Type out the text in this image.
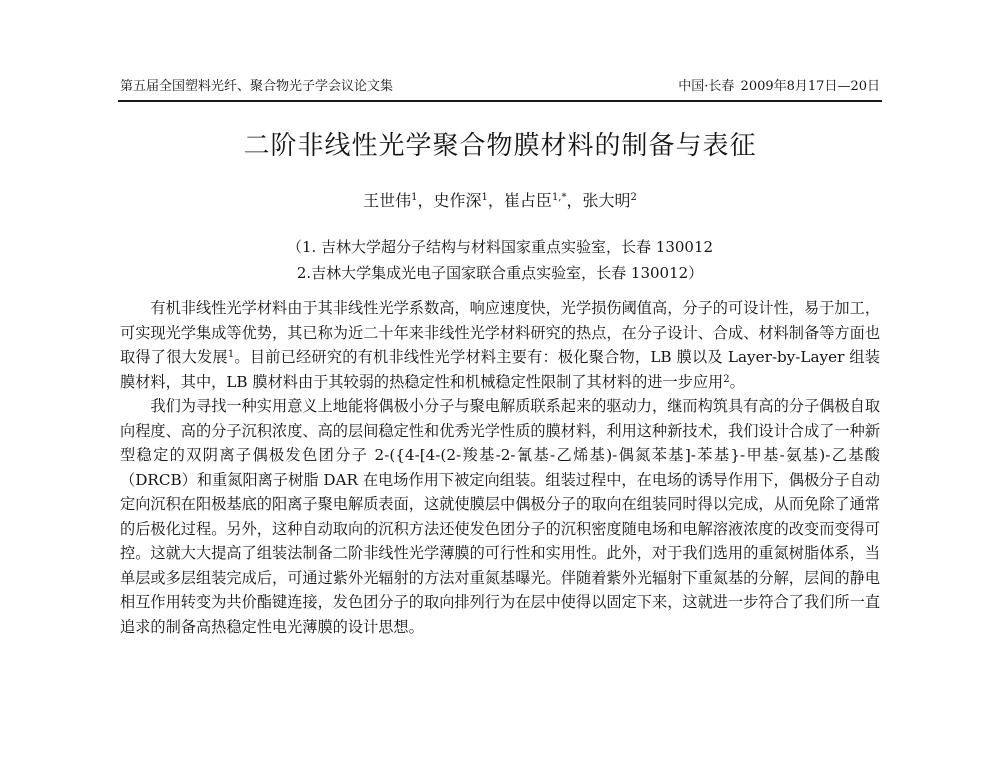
第五届全国塑料光纤、聚合物光子学会议论文集	中国·长春 2009年8月17日—20日
二阶非线性光学聚合物膜材料的制备与表征
王世伟$^1$，史作深$^1$，崔占臣$^{1,*}$，张大明$^2$
（1. 吉林大学超分子结构与材料国家重点实验室，长春 130012
2.吉林大学集成光电子国家联合重点实验室，长春 130012）

有机非线性光学材料由于其非线性光学系数高，响应速度快，光学损伤阈值高，分子的可设计性，易于加工，可实现光学集成等优势，其已称为近二十年来非线性光学材料研究的热点，在分子设计、合成、材料制备等方面也取得了很大发展$^1$。目前已经研究的有机非线性光学材料主要有：极化聚合物，LB 膜以及 Layer-by-Layer 组装膜材料，其中，LB 膜材料由于其较弱的热稳定性和机械稳定性限制了其材料的进一步应用$^2$。

我们为寻找一种实用意义上地能将偶极小分子与聚电解质联系起来的驱动力，继而构筑具有高的分子偶极自取向程度、高的分子沉积浓度、高的层间稳定性和优秀光学性质的膜材料，利用这种新技术，我们设计合成了一种新型稳定的双阴离子偶极发色团分子 2-({4-[4-(2-羧基-2-氰基-乙烯基)-偶氮苯基]-苯基}-甲基-氨基)-乙基酸（DRCB）和重氮阳离子树脂 DAR 在电场作用下被定向组装。组装过程中，在电场的诱导作用下，偶极分子自动定向沉积在阳极基底的阳离子聚电解质表面，这就使膜层中偶极分子的取向在组装同时得以完成，从而免除了通常的后极化过程。另外，这种自动取向的沉积方法还使发色团分子的沉积密度随电场和电解溶液浓度的改变而变得可控。这就大大提高了组装法制备二阶非线性光学薄膜的可行性和实用性。此外，对于我们选用的重氮树脂体系，当单层或多层组装完成后，可通过紫外光辐射的方法对重氮基曝光。伴随着紫外光辐射下重氮基的分解，层间的静电相互作用转变为共价酯键连接，发色团分子的取向排列行为在层中使得以固定下来，这就进一步符合了我们所一直追求的制备高热稳定性电光薄膜的设计思想。
